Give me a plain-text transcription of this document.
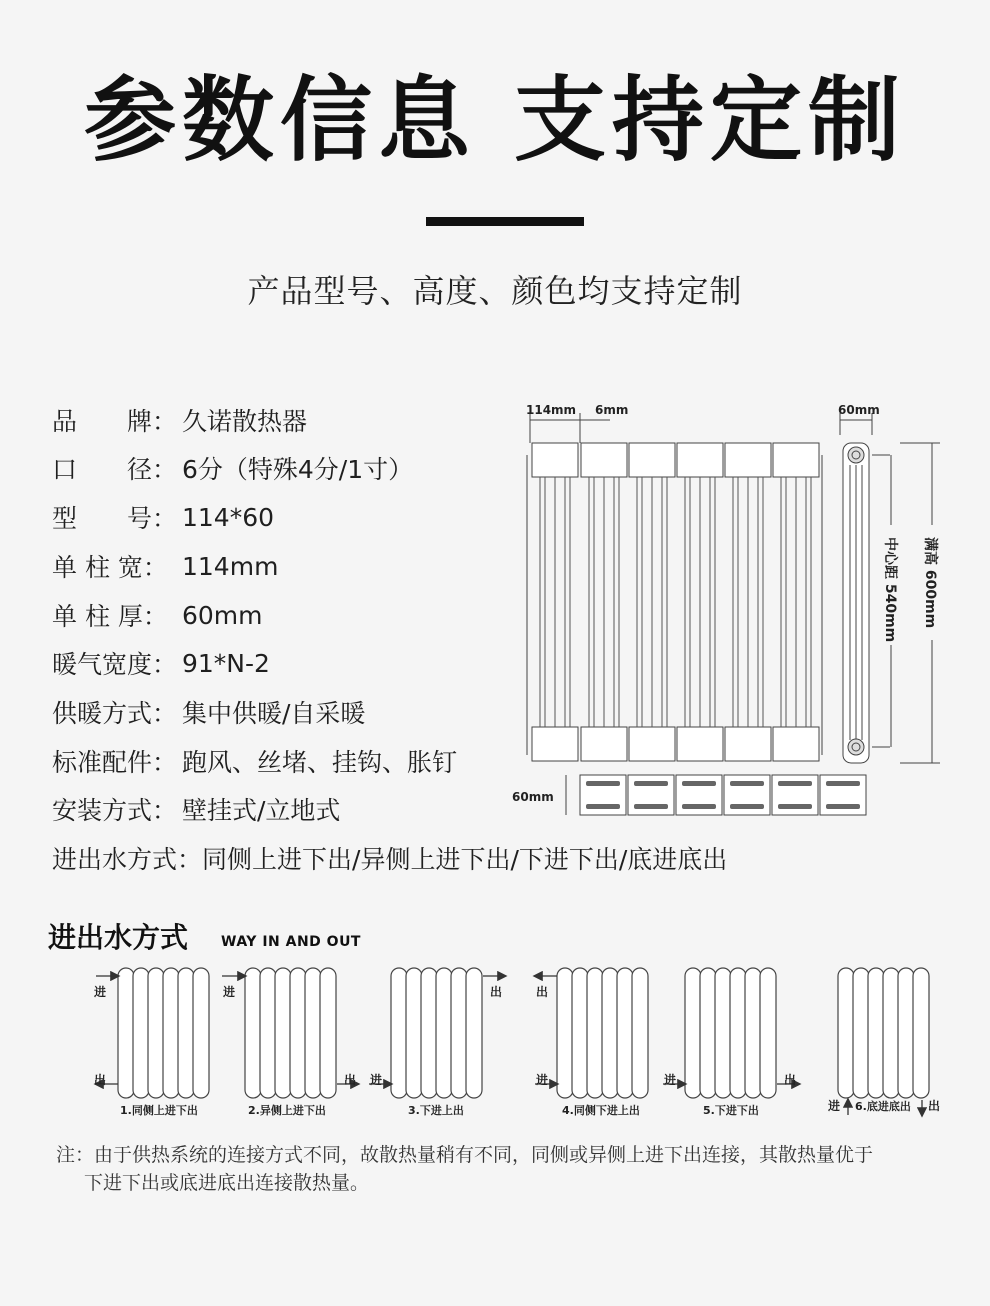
参数信息 支持定制

产品型号、高度、颜色均支持定制

品　　牌： 久诺散热器
口　　径： 6分（特殊4分/1寸）
型　　号： 114*60
单 柱 宽： 114mm
单 柱 厚： 60mm
暖气宽度： 91*N-2
供暖方式： 集中供暖/自采暖
标准配件： 跑风、丝堵、挂钩、胀钉
安装方式： 壁挂式/立地式
进出水方式： 同侧上进下出/异侧上进下出/下进下出/底进底出
114mm 6mm	60mm
60mm
满高 600mm
中心距 540mm
进出水方式 WAY IN AND OUT
进
出
进
出 进
出	出
进	进	出
进	出
1.同侧上进下出	2.异侧上进下出	3.下进上出	4.同侧下进上出	5.下进下出	6.底进底出
注：由于供热系统的连接方式不同，故散热量稍有不同，同侧或异侧上进下出连接，其散热量优于
下进下出或底进底出连接散热量。
